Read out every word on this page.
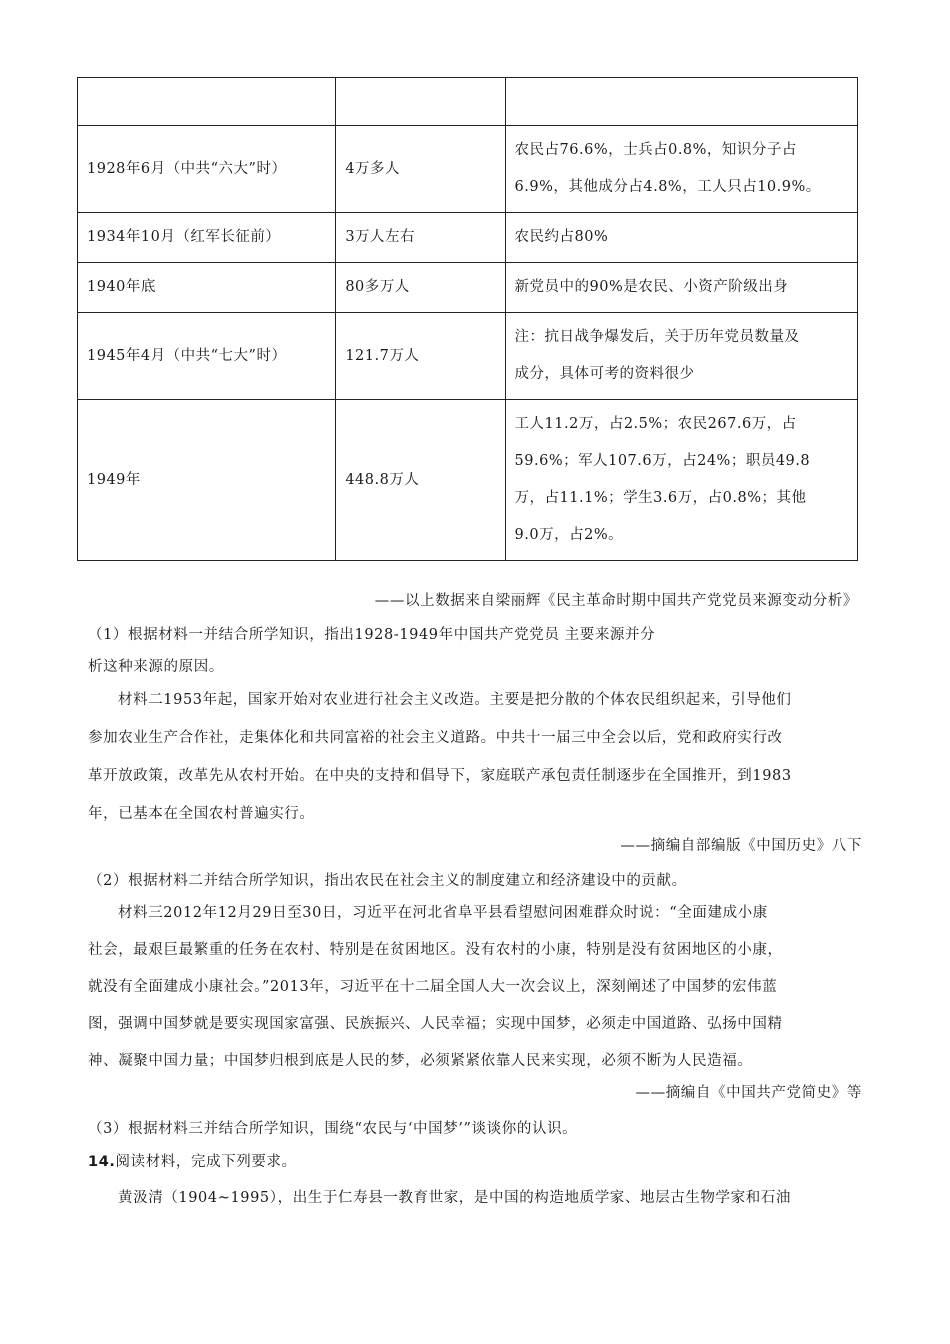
1928年6月（中共“六大”时）	4万多人	农民占76.6%，士兵占0.8%，知识分子占
6.9%，其他成分占4.8%，工人只占10.9%。

1934年10月（红军长征前）	3万人左右	农民约占80%

1940年底	80多万人	新党员中的90%是农民、小资产阶级出身

1945年4月（中共“七大”时）	121.7万人	注：抗日战争爆发后，关于历年党员数量及
成分，具体可考的资料很少

1949年	448.8万人	工人11.2万，占2.5%；农民267.6万，占
59.6%；军人107.6万，占24%；职员49.8
万，占11.1%；学生3.6万，占0.8%；其他
9.0万，占2%。
——以上数据来自梁丽辉《民主革命时期中国共产党党员来源变动分析》
（1）根据材料一并结合所学知识，指出1928-1949年中国共产党党员 主要来源并分
析这种来源的原因。
材料二1953年起，国家开始对农业进行社会主义改造。主要是把分散的个体农民组织起来，引导他们
参加农业生产合作社，走集体化和共同富裕的社会主义道路。中共十一届三中全会以后，党和政府实行改
革开放政策，改革先从农村开始。在中央的支持和倡导下，家庭联产承包责任制逐步在全国推开，到1983
年，已基本在全国农村普遍实行。
——摘编自部编版《中国历史》八下
（2）根据材料二并结合所学知识，指出农民在社会主义的制度建立和经济建设中的贡献。
材料三2012年12月29日至30日，习近平在河北省阜平县看望慰问困难群众时说：“全面建成小康
社会，最艰巨最繁重的任务在农村、特别是在贫困地区。没有农村的小康，特别是没有贫困地区的小康，
就没有全面建成小康社会。”2013年，习近平在十二届全国人大一次会议上，深刻阐述了中国梦的宏伟蓝
图，强调中国梦就是要实现国家富强、民族振兴、人民幸福；实现中国梦，必须走中国道路、弘扬中国精
神、凝聚中国力量；中国梦归根到底是人民的梦，必须紧紧依靠人民来实现，必须不断为人民造福。
——摘编自《中国共产党简史》等
（3）根据材料三并结合所学知识，围绕“农民与‘中国梦’”谈谈你的认识。
14.阅读材料，完成下列要求。
黄汲清（1904~1995），出生于仁寿县一教育世家，是中国的构造地质学家、地层古生物学家和石油
